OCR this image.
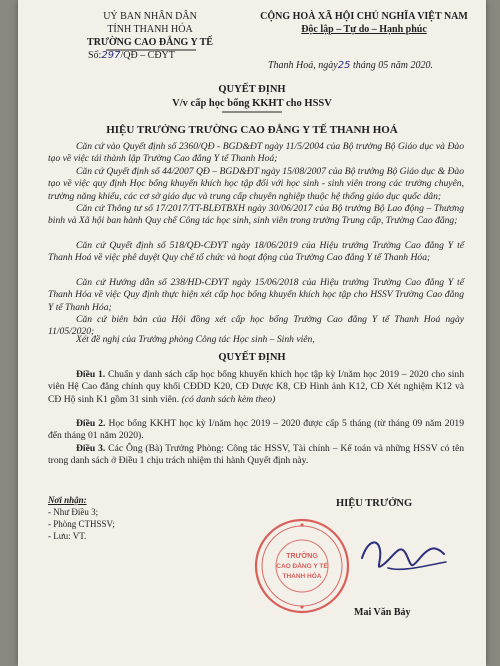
UỶ BAN NHÂN DÂN
TỈNH THANH HÓA
TRƯỜNG CAO ĐẲNG Y TẾ
Số:297/QĐ – CĐYT
CỘNG HOÀ XÃ HỘI CHỦ NGHĨA VIỆT NAM
Độc lập – Tự do – Hạnh phúc
Thanh Hoá, ngày25 tháng 05 năm 2020.
QUYẾT ĐỊNH
V/v cấp học bổng KKHT cho HSSV
HIỆU TRƯỞNG TRƯỜNG CAO ĐẲNG Y TẾ THANH HOÁ
Căn cứ vào Quyết định số 2360/QĐ - BGD&ĐT ngày 11/5/2004 của Bộ trưởng Bộ Giáo dục và Đào tạo về việc tái thành lập Trường Cao đẳng Y tế Thanh Hoá;
Căn cứ Quyết định số 44/2007 QĐ – BGD&ĐT ngày 15/08/2007 của Bộ trưởng Bộ Giáo dục & Đào tạo về việc quy định Học bổng khuyến khích học tập đối với học sinh - sinh viên trong các trường chuyên, trường năng khiếu, các cơ sở giáo dục và trung cấp chuyên nghiệp thuộc hệ thống giáo dục quốc dân;
Căn cứ Thông tư số 17/2017/TT-BLĐTBXH ngày 30/06/2017 của Bộ trưởng Bộ Lao động – Thương binh và Xã hội ban hành Quy chế Công tác học sinh, sinh viên trong trường Trung cấp, Trường Cao đẳng;
Căn cứ Quyết định số 518/QĐ-CĐYT ngày 18/06/2019 của Hiệu trưởng Trường Cao đẳng Y tế Thanh Hoá về việc phê duyệt Quy chế tổ chức và hoạt động của Trường Cao đẳng Y tế Thanh Hóa;
Căn cứ Hướng dẫn số 238/HD-CĐYT ngày 15/06/2018 của Hiệu trưởng Trường Cao đẳng Y tế Thanh Hóa về việc Quy định thực hiện xét cấp học bổng khuyến khích học tập cho HSSV Trường Cao đẳng Y tế Thanh Hóa;
Căn cứ biên bản của Hội đồng xét cấp học bổng Trường Cao đẳng Y tế Thanh Hoá ngày 11/05/2020;
Xét đề nghị của Trưởng phòng Công tác Học sinh – Sinh viên,
QUYẾT ĐỊNH
Điều 1. Chuẩn y danh sách cấp học bổng khuyến khích học tập kỳ I/năm học 2019 – 2020 cho sinh viên Hệ Cao đẳng chính quy khối CĐDD K20, CĐ Dược K8, CĐ Hình ảnh K12, CĐ Xét nghiệm K12 và CĐ Hộ sinh K1 gồm 31 sinh viên. (có danh sách kèm theo)
Điều 2. Học bổng KKHT học kỳ I/năm học 2019 – 2020 được cấp 5 tháng (từ tháng 09 năm 2019 đến tháng 01 năm 2020).
Điều 3. Các Ông (Bà) Trưởng Phòng: Công tác HSSV, Tài chính – Kế toán và những HSSV có tên trong danh sách ở Điều 1 chịu trách nhiệm thi hành Quyết định này.
Nơi nhận:
- Như Điều 3;
- Phòng CTHSSV;
- Lưu: VT.
HIỆU TRƯỞNG
TRƯỜNG
CAO ĐẲNG Y TẾ
THANH HÓA
Mai Văn Bảy
